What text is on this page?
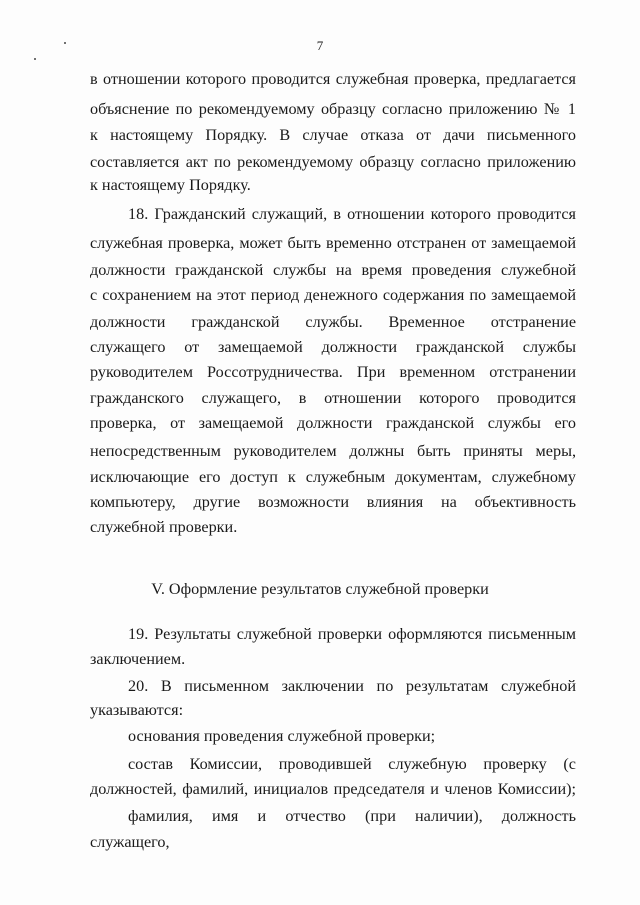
7
в отношении которого проводится служебная проверка, предлагается
объяснение по рекомендуемому образцу согласно приложению № 1
к настоящему Порядку. В случае отказа от дачи письменного
составляется акт по рекомендуемому образцу согласно приложению
к настоящему Порядку.
18. Гражданский служащий, в отношении которого проводится
служебная проверка, может быть временно отстранен от замещаемой
должности гражданской службы на время проведения служебной
с сохранением на этот период денежного содержания по замещаемой
должности гражданской службы. Временное отстранение
служащего от замещаемой должности гражданской службы
руководителем Россотрудничества. При временном отстранении
гражданского служащего, в отношении которого проводится
проверка, от замещаемой должности гражданской службы его
непосредственным руководителем должны быть приняты меры,
исключающие его доступ к служебным документам, служебному
компьютеру, другие возможности влияния на объективность
служебной проверки.
V. Оформление результатов служебной проверки
19. Результаты служебной проверки оформляются письменным
заключением.
20. В письменном заключении по результатам служебной
указываются:
основания проведения служебной проверки;
состав Комиссии, проводившей служебную проверку (с
должностей, фамилий, инициалов председателя и членов Комиссии);
фамилия, имя и отчество (при наличии), должность
служащего,
